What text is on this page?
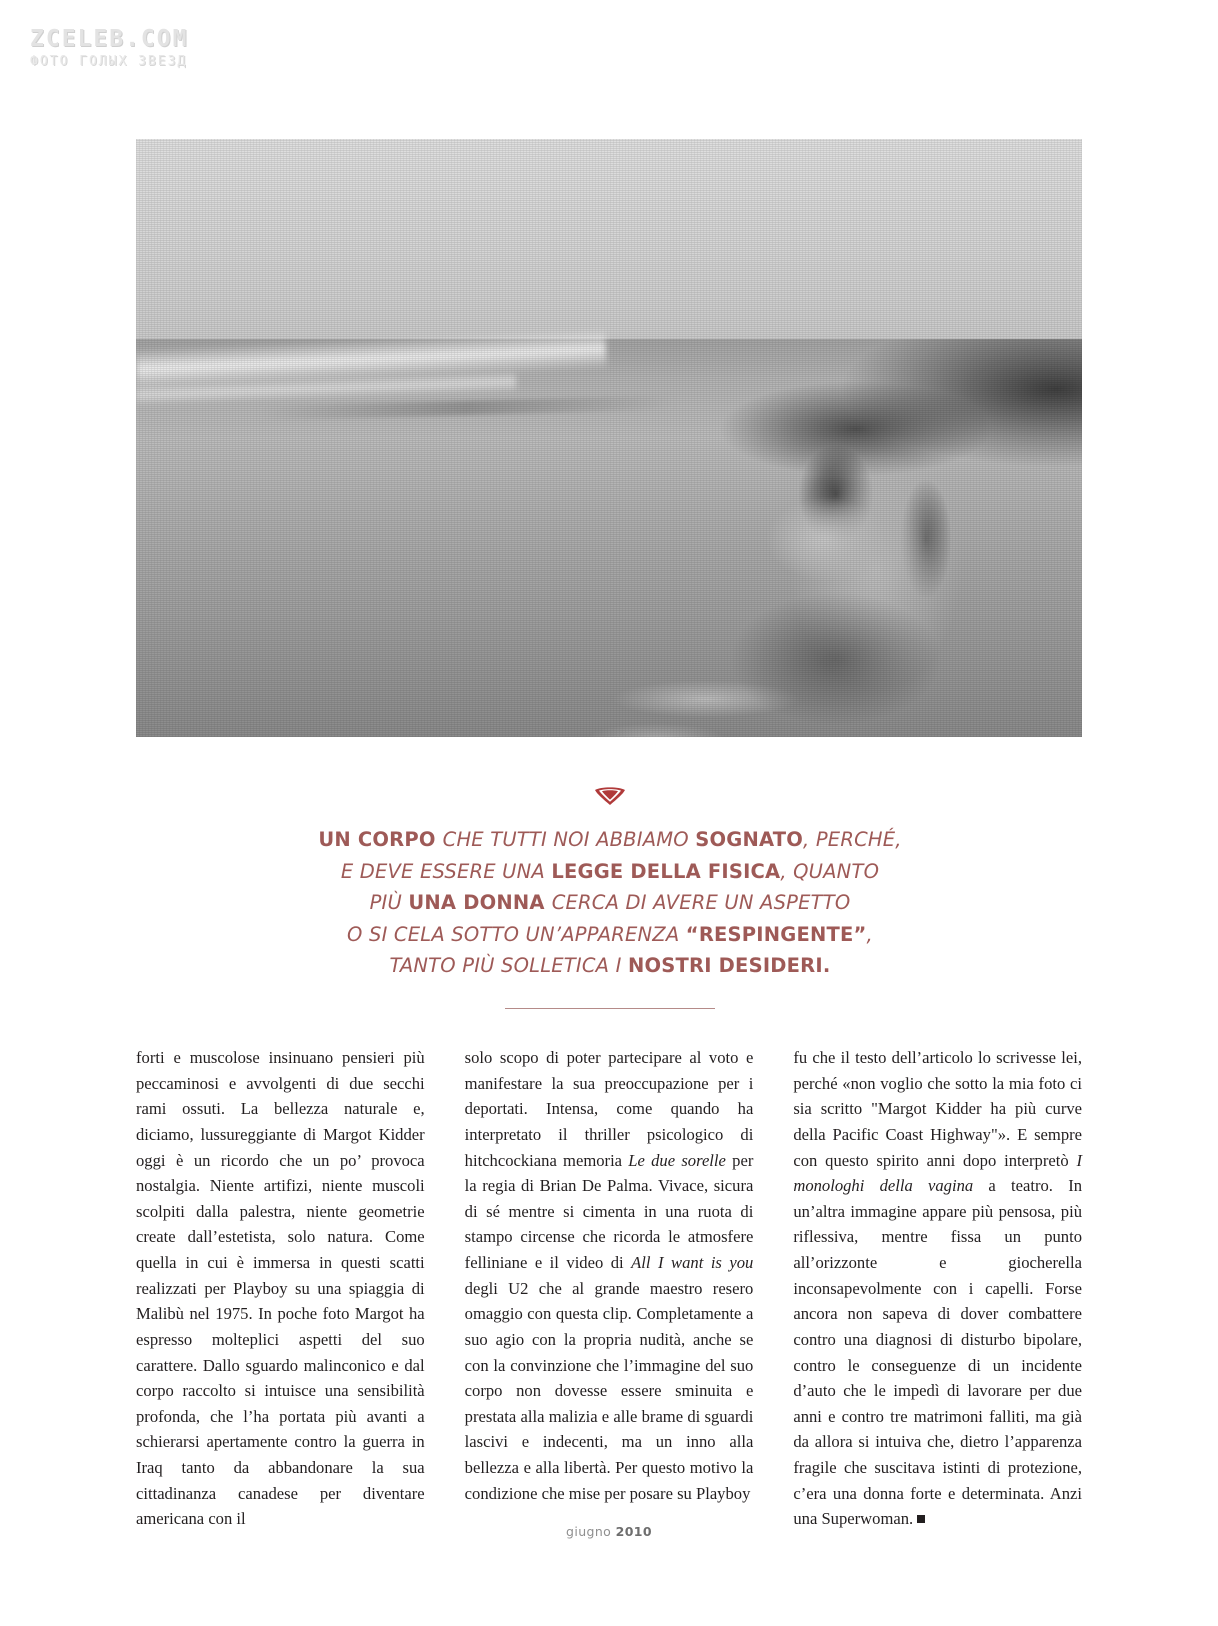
ZCELEB.COM
ФОТО ГОЛЫХ ЗВЕЗД
UN CORPO CHE TUTTI NOI ABBIAMO SOGNATO, PERCHÉ,
E DEVE ESSERE UNA LEGGE DELLA FISICA, QUANTO
PIÙ UNA DONNA CERCA DI AVERE UN ASPETTO
O SI CELA SOTTO UN’APPARENZA “RESPINGENTE”,
TANTO PIÙ SOLLETICA I NOSTRI DESIDERI.

forti e muscolose insinuano pensieri più peccaminosi e avvolgenti di due secchi rami ossuti. La bellezza naturale e, diciamo, lussureggiante di Margot Kidder oggi è un ricordo che un po’ provoca nostalgia. Niente artifizi, niente muscoli scolpiti dalla palestra, niente geometrie create dall’estetista, solo natura. Come quella in cui è immersa in questi scatti realizzati per Playboy su una spiaggia di Malibù nel 1975. In poche foto Margot ha espresso molteplici aspetti del suo carattere. Dallo sguardo malinconico e dal corpo raccolto si intuisce una sensibilità profonda, che l’ha portata più avanti a schierarsi apertamente contro la guerra in Iraq tanto da abbandonare la sua cittadinanza canadese per diventare americana con il

solo scopo di poter partecipare al voto e manifestare la sua preoccupazione per i deportati. Intensa, come quando ha interpretato il thriller psicologico di hitchcockiana memoria Le due sorelle per la regia di Brian De Palma. Vivace, sicura di sé mentre si cimenta in una ruota di stampo circense che ricorda le atmosfere felliniane e il video di All I want is you degli U2 che al grande maestro resero omaggio con questa clip. Completamente a suo agio con la propria nudità, anche se con la convinzione che l’immagine del suo corpo non dovesse essere sminuita e prestata alla malizia e alle brame di sguardi lascivi e indecenti, ma un inno alla bellezza e alla libertà. Per questo motivo la condizione che mise per posare su Playboy

fu che il testo dell’articolo lo scrivesse lei, perché «non voglio che sotto la mia foto ci sia scritto "Margot Kidder ha più curve della Pacific Coast Highway"». E sempre con questo spirito anni dopo interpretò I monologhi della vagina a teatro. In un’altra immagine appare più pensosa, più riflessiva, mentre fissa un punto all’orizzonte e giocherella inconsapevolmente con i capelli. Forse ancora non sapeva di dover combattere contro una diagnosi di disturbo bipolare, contro le conseguenze di un incidente d’auto che le impedì di lavorare per due anni e contro tre matrimoni falliti, ma già da allora si intuiva che, dietro l’apparenza fragile che suscitava istinti di protezione, c’era una donna forte e determinata. Anzi una Superwoman.

giugno 2010
